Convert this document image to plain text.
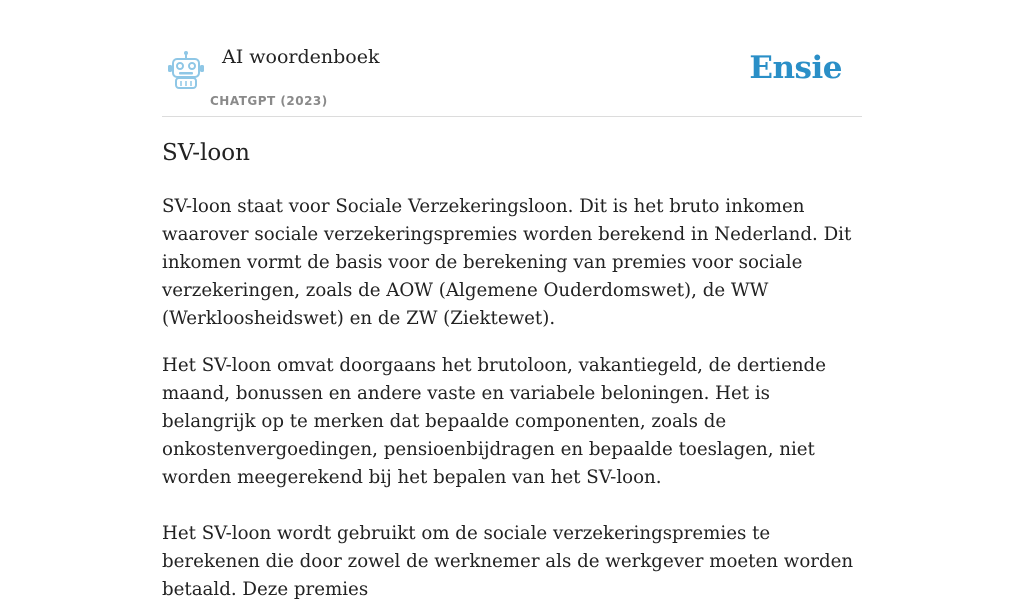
AI woordenboek
CHATGPT (2023)
Ensie
SV-loon

SV-loon staat voor Sociale Verzekeringsloon. Dit is het bruto inkomen waarover sociale verzekeringspremies worden berekend in Nederland. Dit inkomen vormt de basis voor de berekening van premies voor sociale verzekeringen, zoals de AOW (Algemene Ouderdomswet), de WW (Werkloosheidswet) en de ZW (Ziektewet).

Het SV-loon omvat doorgaans het brutoloon, vakantiegeld, de dertiende maand, bonussen en andere vaste en variabele beloningen. Het is belangrijk op te merken dat bepaalde componenten, zoals de onkostenvergoedingen, pensioenbijdragen en bepaalde toeslagen, niet worden meegerekend bij het bepalen van het SV-loon.

Het SV-loon wordt gebruikt om de sociale verzekeringspremies te berekenen die door zowel de werknemer als de werkgever moeten worden betaald. Deze premies
